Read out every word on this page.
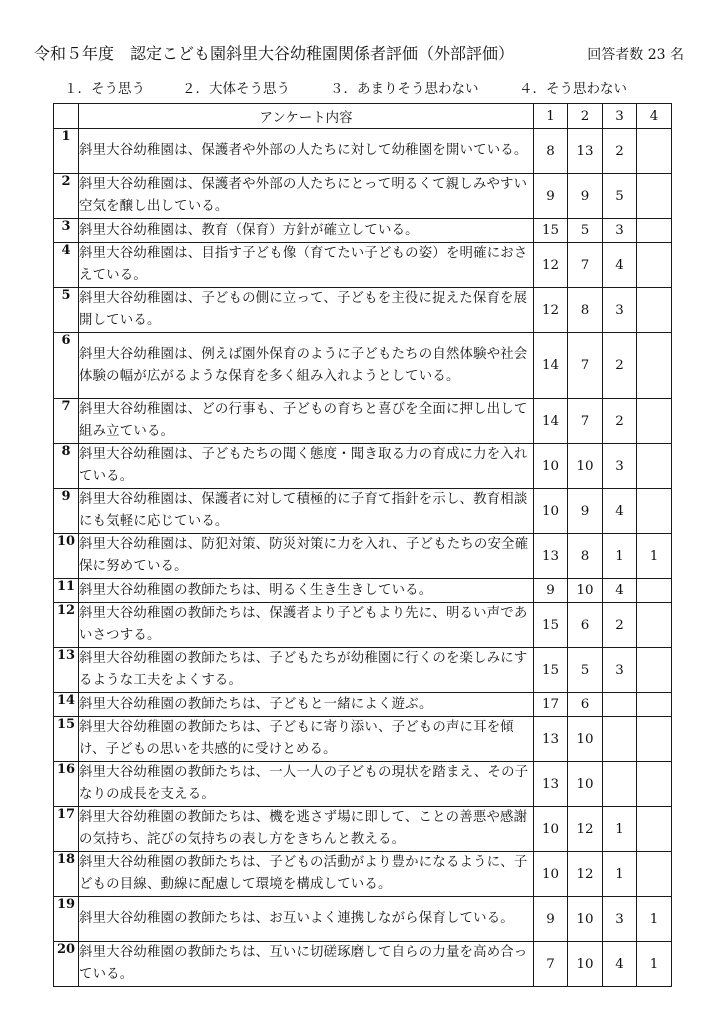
令和５年度　認定こども園斜里大谷幼稚園関係者評価（外部評価）	回答者数 23 名
１．そう思う	２．大体そう思う	３．あまりそう思わない	４．そう思わない
	アンケート内容	1	2	3	4
1	斜里大谷幼稚園は、保護者や外部の人たちに対して幼稚園を開いている。	8	13	2	
2	斜里大谷幼稚園は、保護者や外部の人たちにとって明るくて親しみやすい空気を醸し出している。	9	9	5	
3	斜里大谷幼稚園は、教育（保育）方針が確立している。	15	5	3	
4	斜里大谷幼稚園は、目指す子ども像（育てたい子どもの姿）を明確におさえている。	12	7	4	
5	斜里大谷幼稚園は、子どもの側に立って、子どもを主役に捉えた保育を展開している。	12	8	3	
6	斜里大谷幼稚園は、例えば園外保育のように子どもたちの自然体験や社会体験の幅が広がるような保育を多く組み入れようとしている。	14	7	2	
7	斜里大谷幼稚園は、どの行事も、子どもの育ちと喜びを全面に押し出して組み立ている。	14	7	2	
8	斜里大谷幼稚園は、子どもたちの聞く態度・聞き取る力の育成に力を入れている。	10	10	3	
9	斜里大谷幼稚園は、保護者に対して積極的に子育て指針を示し、教育相談にも気軽に応じている。	10	9	4	
10	斜里大谷幼稚園は、防犯対策、防災対策に力を入れ、子どもたちの安全確保に努めている。	13	8	1	1
11	斜里大谷幼稚園の教師たちは、明るく生き生きしている。	9	10	4	
12	斜里大谷幼稚園の教師たちは、保護者より子どもより先に、明るい声であいさつする。	15	6	2	
13	斜里大谷幼稚園の教師たちは、子どもたちが幼稚園に行くのを楽しみにするような工夫をよくする。	15	5	3	
14	斜里大谷幼稚園の教師たちは、子どもと一緒によく遊ぶ。	17	6		
15	斜里大谷幼稚園の教師たちは、子どもに寄り添い、子どもの声に耳を傾け、子どもの思いを共感的に受けとめる。	13	10		
16	斜里大谷幼稚園の教師たちは、一人一人の子どもの現状を踏まえ、その子なりの成長を支える。	13	10		
17	斜里大谷幼稚園の教師たちは、機を逃さず場に即して、ことの善悪や感謝の気持ち、詫びの気持ちの表し方をきちんと教える。	10	12	1	
18	斜里大谷幼稚園の教師たちは、子どもの活動がより豊かになるように、子どもの目線、動線に配慮して環境を構成している。	10	12	1	
19	斜里大谷幼稚園の教師たちは、お互いよく連携しながら保育している。	9	10	3	1
20	斜里大谷幼稚園の教師たちは、互いに切磋琢磨して自らの力量を高め合っている。	7	10	4	1
